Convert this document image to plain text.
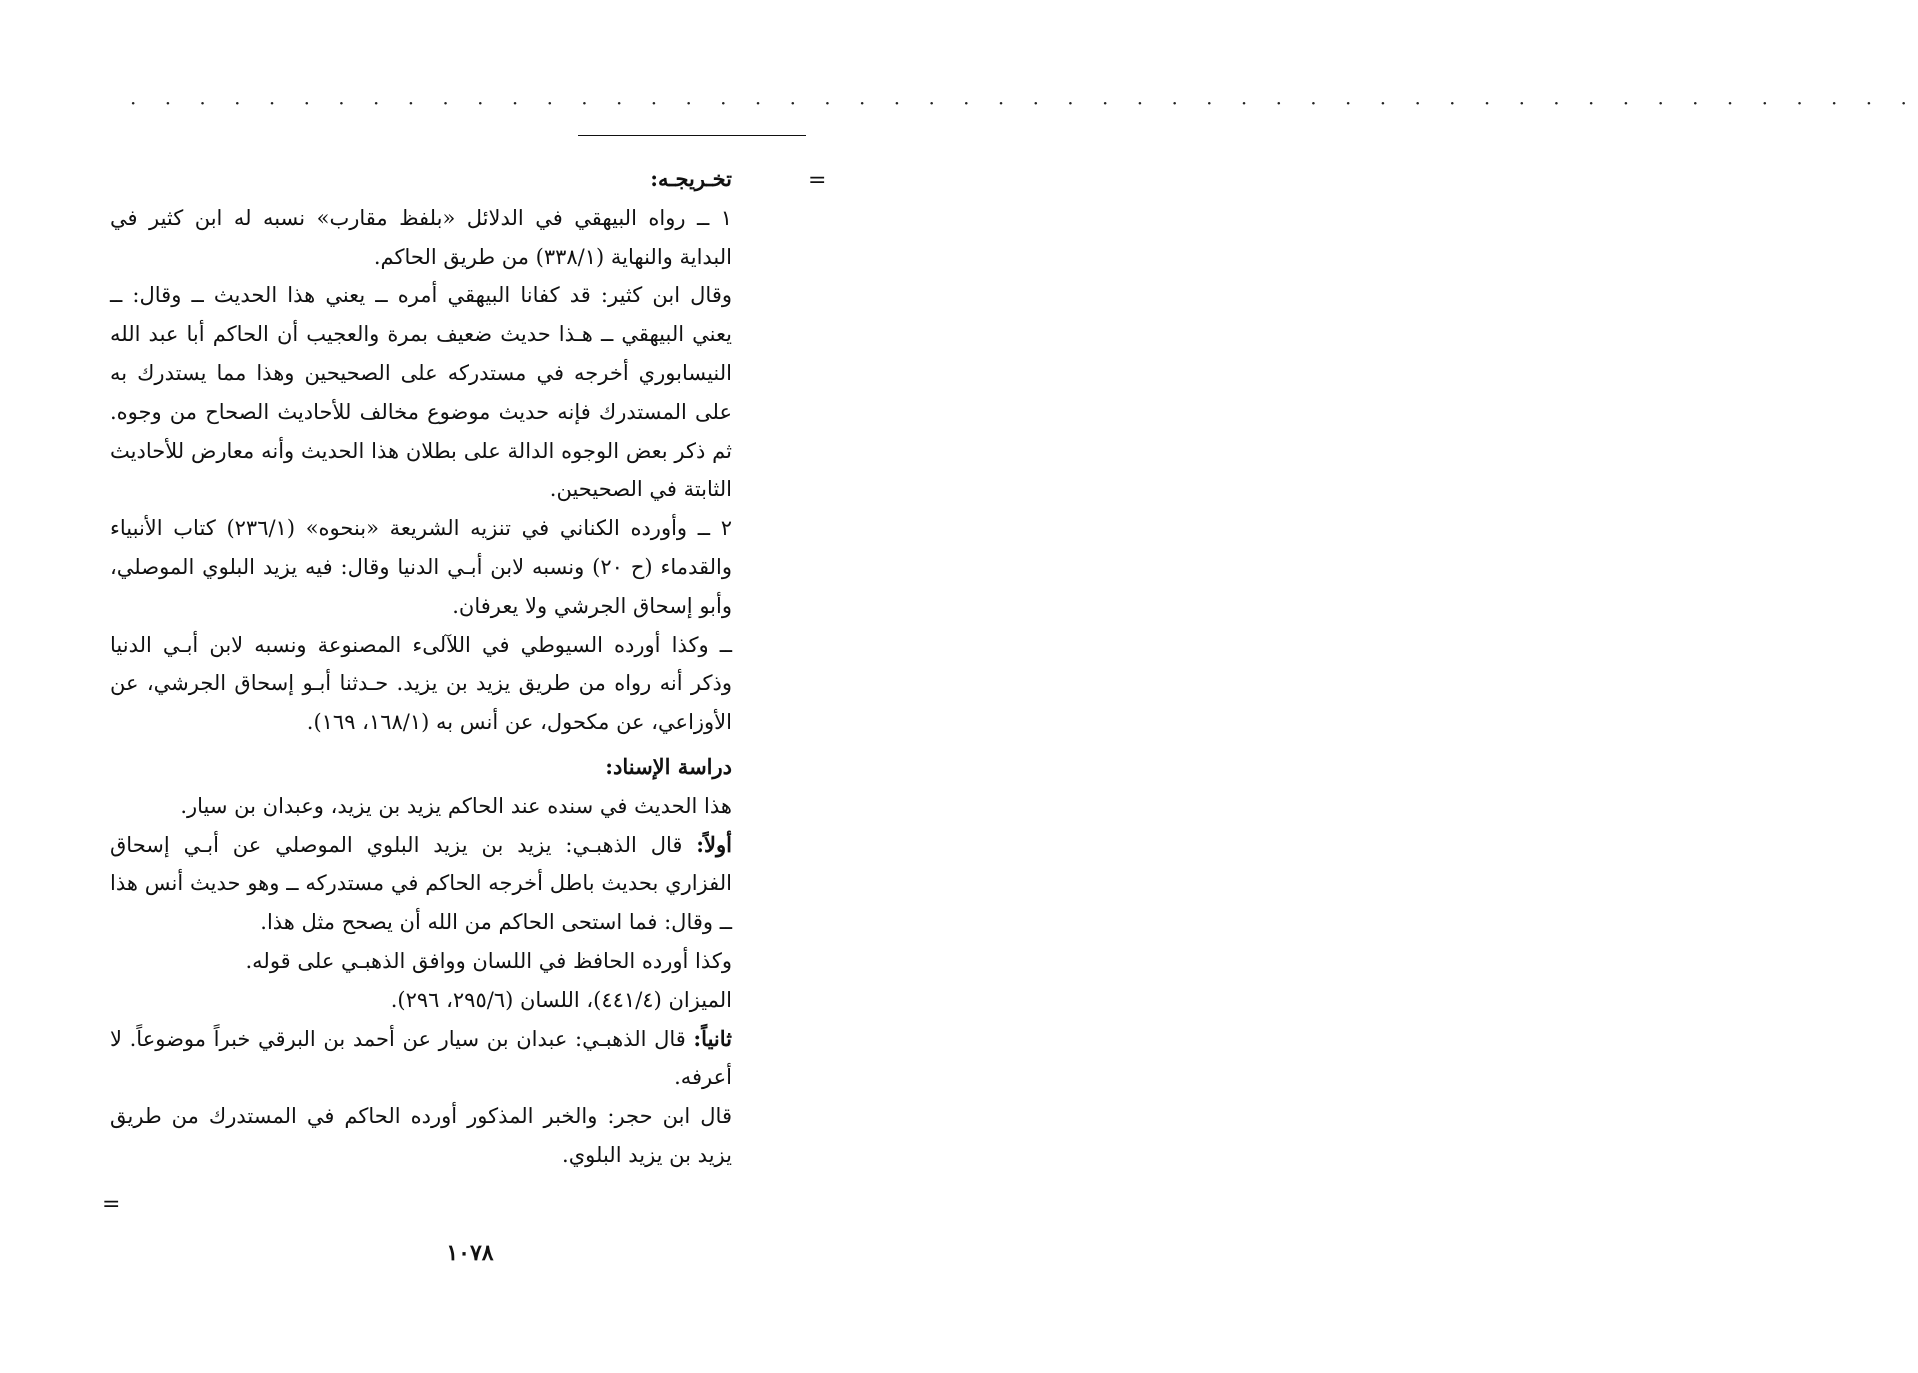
· · · · · · · · · · · · · · · · · · · · · · · · · · · · · · · · · · · · · · · · · · · · · · · · · · · ·
=
تخـريجـه:

١ ــ رواه البيهقي في الدلائل «بلفظ مقارب» نسبه له ابن كثير في البداية والنهاية (٣٣٨/١) من طريق الحاكم.

وقال ابن كثير: قد كفانا البيهقي أمره ــ يعني هذا الحديث ــ وقال: ــ يعني البيهقي ــ هـذا حديث ضعيف بمرة والعجيب أن الحاكم أبا عبد الله النيسابوري أخرجه في مستدركه على الصحيحين وهذا مما يستدرك به على المستدرك فإنه حديث موضوع مخالف للأحاديث الصحاح من وجوه. ثم ذكر بعض الوجوه الدالة على بطلان هذا الحديث وأنه معارض للأحاديث الثابتة في الصحيحين.

٢ ــ وأورده الكناني في تنزيه الشريعة «بنحوه» (٢٣٦/١) كتاب الأنبياء والقدماء (ح ٢٠) ونسبه لابن أبـي الدنيا وقال: فيه يزيد البلوي الموصلي، وأبو إسحاق الجرشي ولا يعرفان.

ــ وكذا أورده السيوطي في اللآلىء المصنوعة ونسبه لابن أبـي الدنيا وذكر أنه رواه من طريق يزيد بن يزيد. حـدثنا أبـو إسحاق الجرشي، عن الأوزاعي، عن مكحول، عن أنس به (١٦٨/١، ١٦٩).

دراسة الإسناد:

هذا الحديث في سنده عند الحاكم يزيد بن يزيد، وعبدان بن سيار.

أولاً: قال الذهبـي: يزيد بن يزيد البلوي الموصلي عن أبـي إسحاق الفزاري بحديث باطل أخرجه الحاكم في مستدركه ــ وهو حديث أنس هذا ــ وقال: فما استحى الحاكم من الله أن يصحح مثل هذا.

وكذا أورده الحافظ في اللسان ووافق الذهبـي على قوله.

الميزان (٤٤١/٤)، اللسان (٢٩٥/٦، ٢٩٦).

ثانياً: قال الذهبـي: عبدان بن سيار عن أحمد بن البرقي خبراً موضوعاً. لا أعرفه.

قال ابن حجر: والخبر المذكور أورده الحاكم في المستدرك من طريق يزيد بن يزيد البلوي.

=
١٠٧٨
